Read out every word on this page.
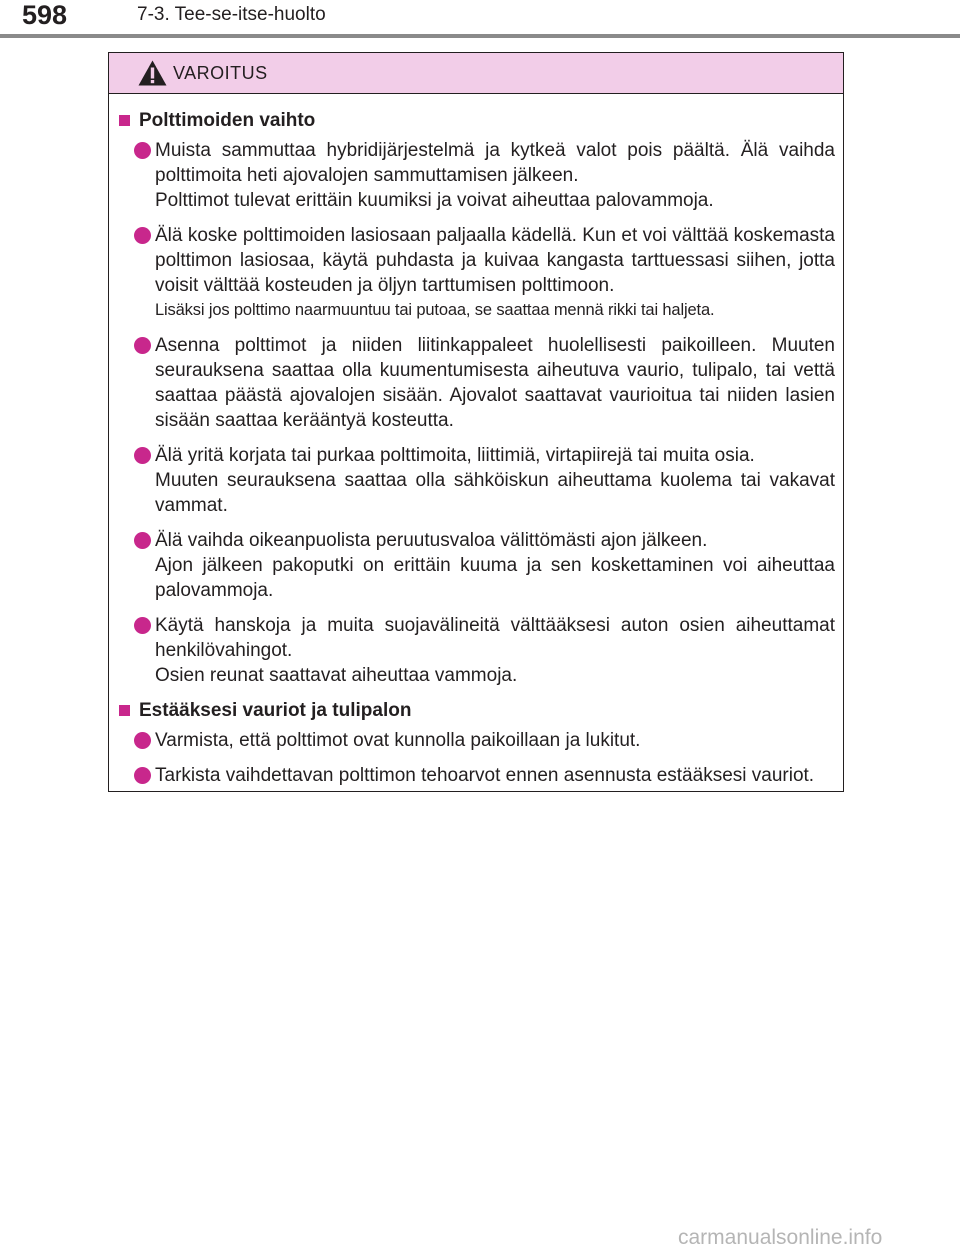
598	7-3. Tee-se-itse-huolto
VAROITUS
Polttimoiden vaihto

Muista sammuttaa hybridijärjestelmä ja kytkeä valot pois päältä. Älä vaihda polttimoita heti ajovalojen sammuttamisen jälkeen.

Polttimot tulevat erittäin kuumiksi ja voivat aiheuttaa palovammoja.

Älä koske polttimoiden lasiosaan paljaalla kädellä. Kun et voi välttää koskemasta polttimon lasiosaa, käytä puhdasta ja kuivaa kangasta tarttuessasi siihen, jotta voisit välttää kosteuden ja öljyn tarttumisen polttimoon.

Lisäksi jos polttimo naarmuuntuu tai putoaa, se saattaa mennä rikki tai haljeta.

Asenna polttimot ja niiden liitinkappaleet huolellisesti paikoilleen. Muuten seurauksena saattaa olla kuumentumisesta aiheutuva vaurio, tulipalo, tai vettä saattaa päästä ajovalojen sisään. Ajovalot saattavat vaurioitua tai niiden lasien sisään saattaa kerääntyä kosteutta.

Älä yritä korjata tai purkaa polttimoita, liittimiä, virtapiirejä tai muita osia.

Muuten seurauksena saattaa olla sähköiskun aiheuttama kuolema tai vakavat vammat.

Älä vaihda oikeanpuolista peruutusvaloa välittömästi ajon jälkeen.

Ajon jälkeen pakoputki on erittäin kuuma ja sen koskettaminen voi aiheuttaa palovammoja.

Käytä hanskoja ja muita suojavälineitä välttääksesi auton osien aiheuttamat henkilövahingot.

Osien reunat saattavat aiheuttaa vammoja.

Estääksesi vauriot ja tulipalon

Varmista, että polttimot ovat kunnolla paikoillaan ja lukitut.

Tarkista vaihdettavan polttimon tehoarvot ennen asennusta estääksesi vauriot.

carmanualsonline.info
